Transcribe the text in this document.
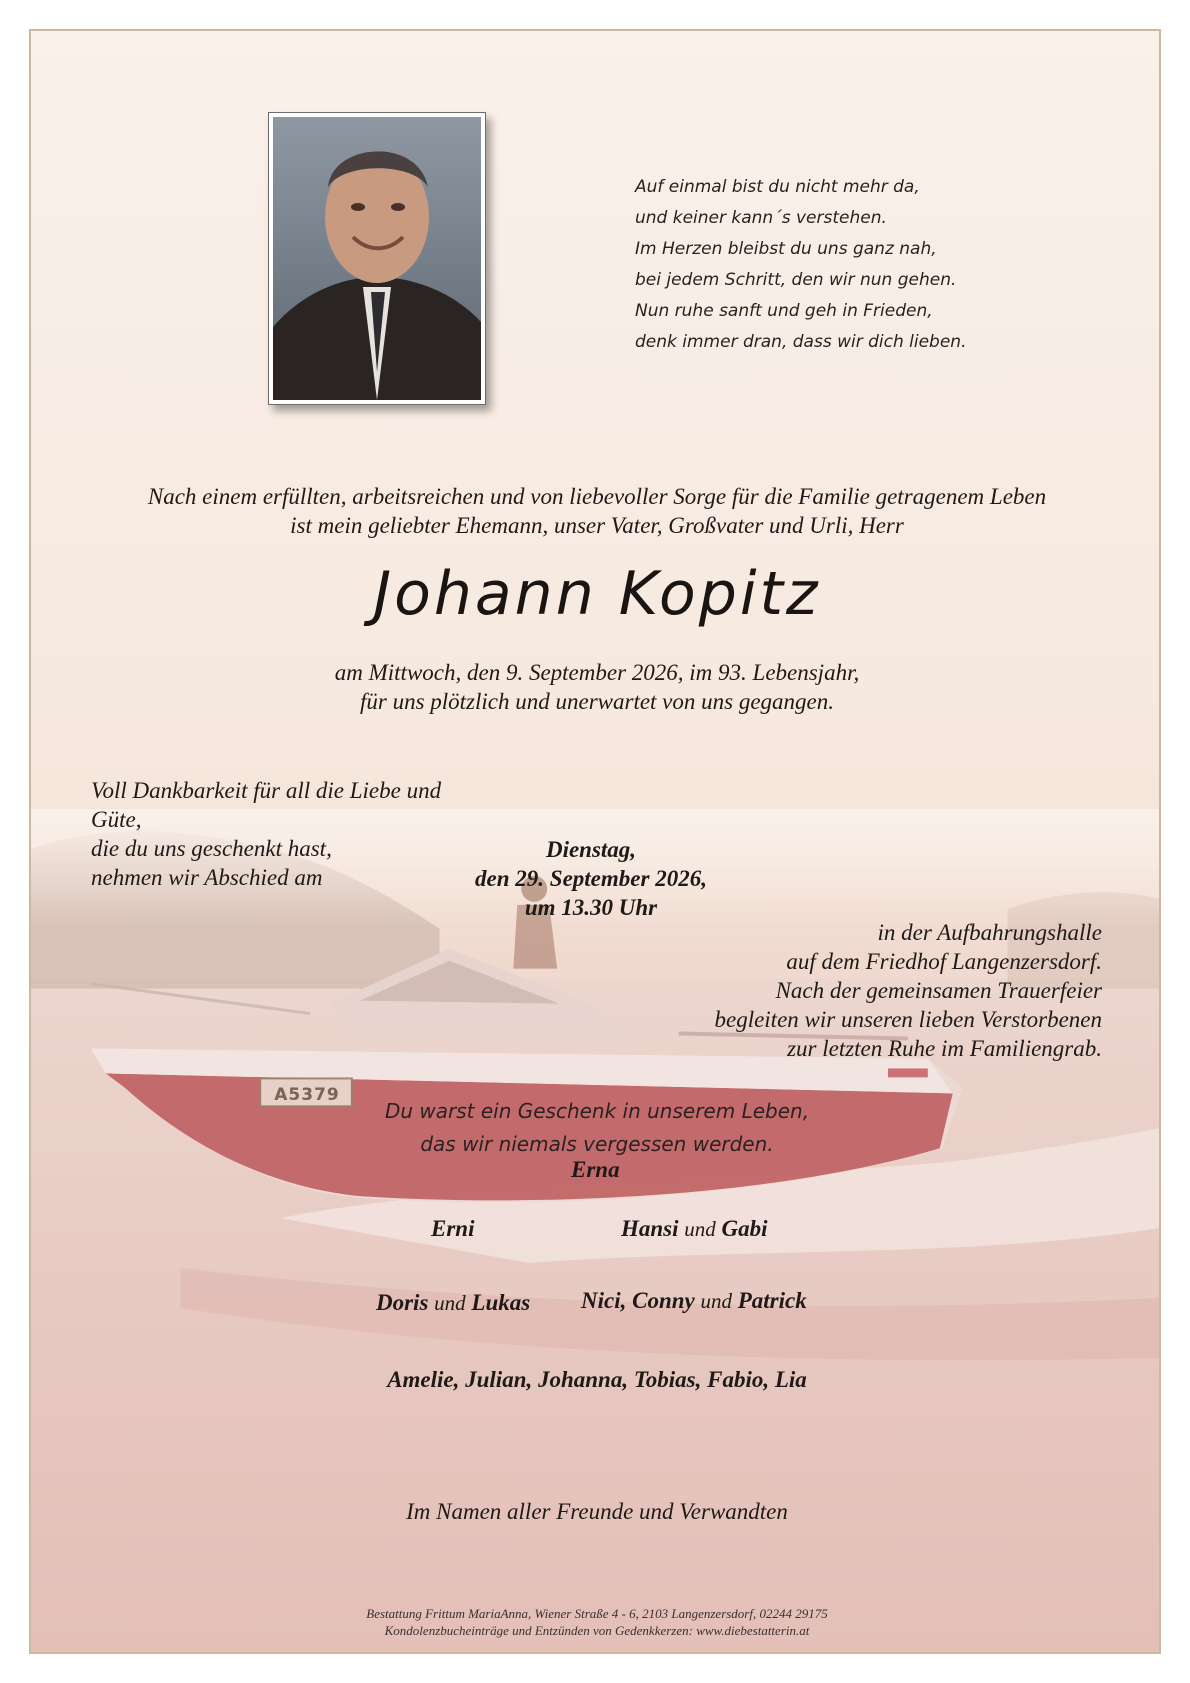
A5379
Auf einmal bist du nicht mehr da,
und keiner kann´s verstehen.
Im Herzen bleibst du uns ganz nah,
bei jedem Schritt, den wir nun gehen.
Nun ruhe sanft und geh in Frieden,
denk immer dran, dass wir dich lieben.
Nach einem erfüllten, arbeitsreichen und von liebevoller Sorge für die Familie getragenem Leben
ist mein geliebter Ehemann, unser Vater, Großvater und Urli, Herr
Johann Kopitz
am Mittwoch, den 9. September 2026, im 93. Lebensjahr,
für uns plötzlich und unerwartet von uns gegangen.
Voll Dankbarkeit für all die Liebe und Güte,
die du uns geschenkt hast,
nehmen wir Abschied am
Dienstag,
den 29. September 2026,
um 13.30 Uhr
in der Aufbahrungshalle
auf dem Friedhof Langenzersdorf.
Nach der gemeinsamen Trauerfeier
begleiten wir unseren lieben Verstorbenen
zur letzten Ruhe im Familiengrab.
Du warst ein Geschenk in unserem Leben,
das wir niemals vergessen werden.
Erna
Erni	Hansi und Gabi
Doris und Lukas Nici, Conny und Patrick
Amelie, Julian, Johanna, Tobias, Fabio, Lia
Im Namen aller Freunde und Verwandten
Bestattung Frittum MariaAnna, Wiener Straße 4 - 6, 2103 Langenzersdorf, 02244 29175
Kondolenzbucheinträge und Entzünden von Gedenkkerzen: www.diebestatterin.at
